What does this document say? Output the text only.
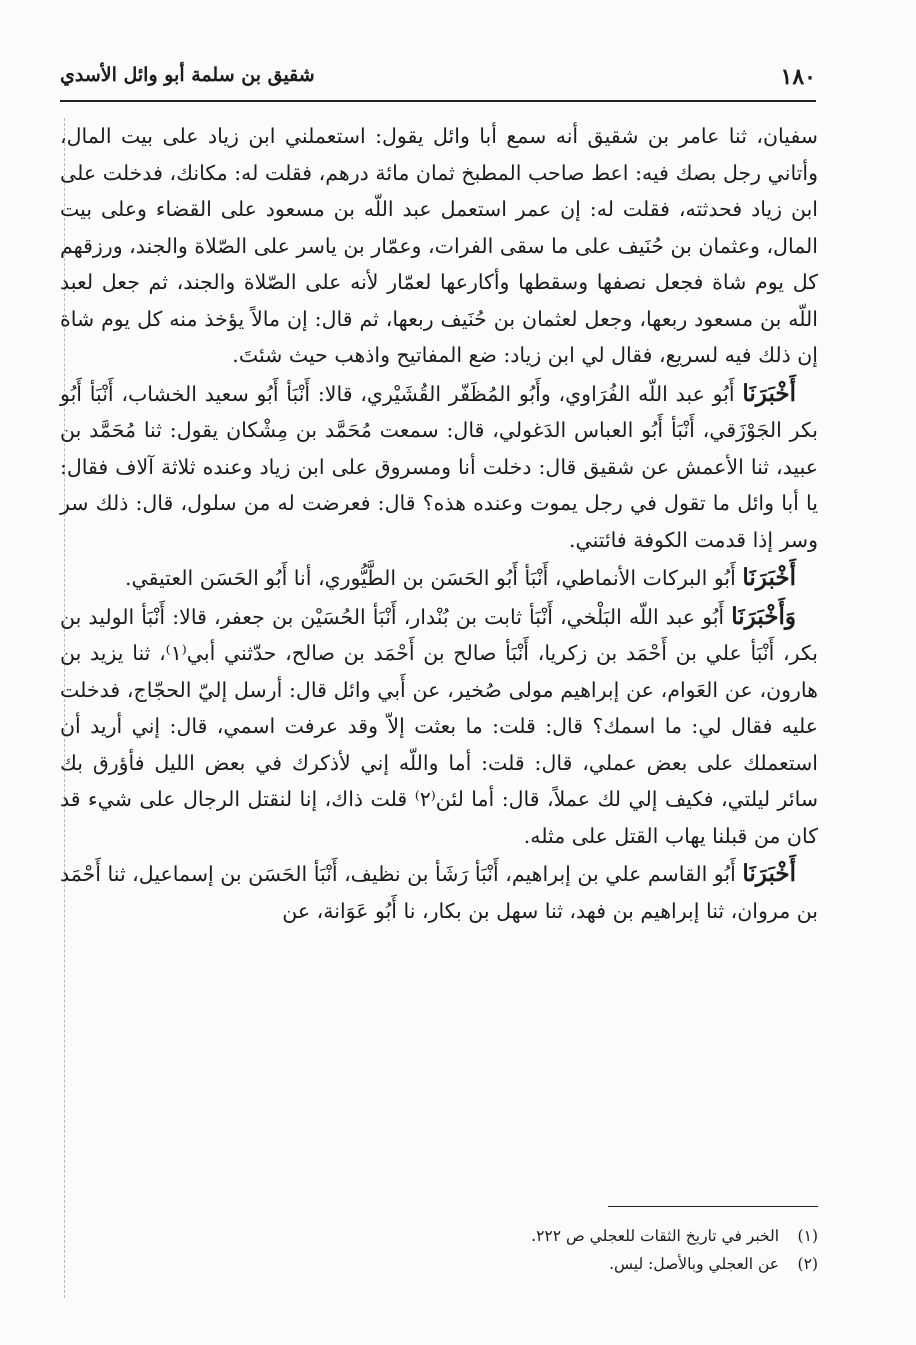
١٨٠
شقيق بن سلمة أبو وائل الأسدي

سفيان، ثنا عامر بن شقيق أنه سمع أبا وائل يقول: استعملني ابن زياد على بيت المال، وأتاني رجل بصك فيه: اعط صاحب المطبخ ثمان مائة درهم، فقلت له: مكانك، فدخلت على ابن زياد فحدثته، فقلت له: إن عمر استعمل عبد اللّه بن مسعود على القضاء وعلى بيت المال، وعثمان بن حُنَيف على ما سقى الفرات، وعمّار بن ياسر على الصّلاة والجند، ورزقهم كل يوم شاة فجعل نصفها وسقطها وأكارعها لعمّار لأنه على الصّلاة والجند، ثم جعل لعبد اللّه بن مسعود ربعها، وجعل لعثمان بن حُنَيف ربعها، ثم قال: إن مالاً يؤخذ منه كل يوم شاة إن ذلك فيه لسريع، فقال لي ابن زياد: ضع المفاتيح واذهب حيث شئتَ.

أَخْبَرَنَا أَبُو عبد اللّه الفُرَاوي، وأَبُو المُظَفّر القُشَيْري، قالا: أَنْبَأ أَبُو سعيد الخشاب، أَنْبَأ أَبُو بكر الجَوْزَقي، أَنْبَأ أَبُو العباس الدَغولي، قال: سمعت مُحَمَّد بن مِشْكان يقول: ثنا مُحَمَّد بن عبيد، ثنا الأعمش عن شقيق قال: دخلت أنا ومسروق على ابن زياد وعنده ثلاثة آلاف فقال: يا أبا وائل ما تقول في رجل يموت وعنده هذه؟ قال: فعرضت له من سلول، قال: ذلك سر وسر إذا قدمت الكوفة فائتني.

أَخْبَرَنَا أَبُو البركات الأنماطي، أَنْبَأ أَبُو الحَسَن بن الطَّيُّوري، أنا أَبُو الحَسَن العتيقي.

وَأَخْبَرَنَا أَبُو عبد اللّه البَلْخي، أَنْبَأ ثابت بن بُنْدار، أَنْبَأ الحُسَيْن بن جعفر، قالا: أَنْبَأ الوليد بن بكر، أَنْبَأ علي بن أَحْمَد بن زكريا، أَنْبَأ صالح بن أَحْمَد بن صالح، حدّثني أبي⁽١⁾، ثنا يزيد بن هارون، عن العَوام، عن إبراهيم مولى صُخير، عن أَبي وائل قال: أرسل إليّ الحجّاج، فدخلت عليه فقال لي: ما اسمك؟ قال: قلت: ما بعثت إلاّ وقد عرفت اسمي، قال: إني أريد أن استعملك على بعض عملي، قال: قلت: أما واللّه إني لأذكرك في بعض الليل فأؤرق بك سائر ليلتي، فكيف إلي لك عملاً، قال: أما لئن⁽٢⁾ قلت ذاك، إنا لنقتل الرجال على شيء قد كان من قبلنا يهاب القتل على مثله.

أَخْبَرَنَا أَبُو القاسم علي بن إبراهيم، أَنْبَأ رَشَأ بن نظيف، أَنْبَأ الحَسَن بن إسماعيل، ثنا أَحْمَد بن مروان، ثنا إبراهيم بن فهد، ثنا سهل بن بكار، نا أَبُو عَوَانة، عن

(١) الخبر في تاريخ الثقات للعجلي ص ٢٢٢.
(٢) عن العجلي وبالأصل: ليس.
